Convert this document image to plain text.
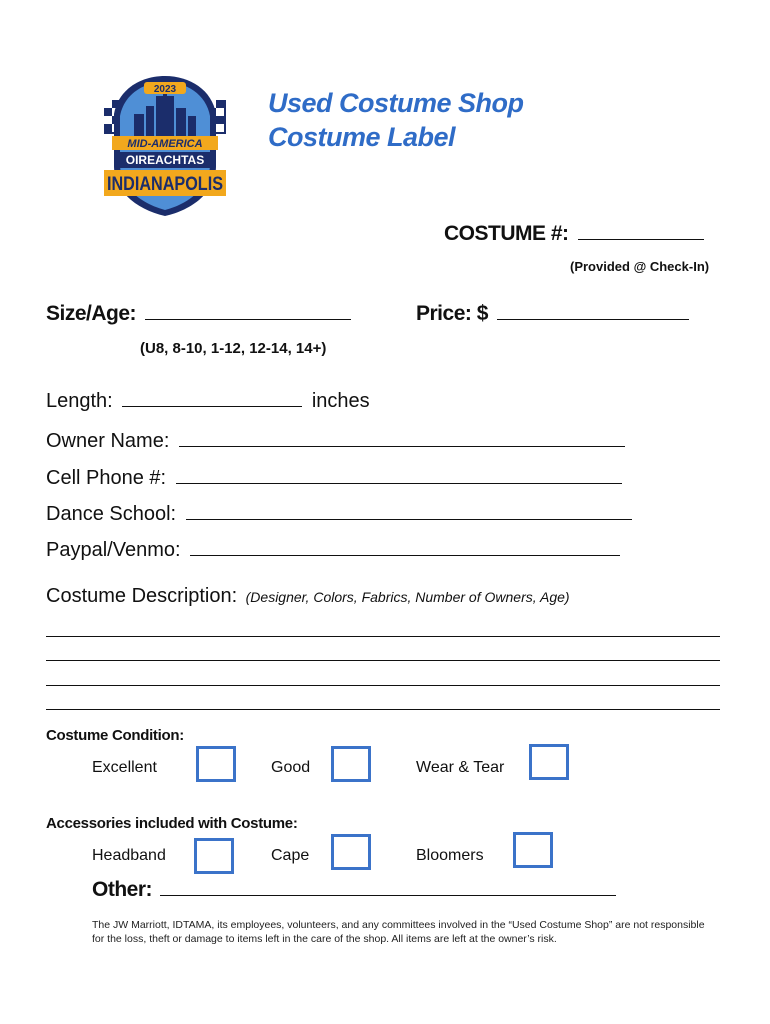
2023
MID-AMERICA
OIREACHTAS
INDIANAPOLIS
Used Costume Shop
Costume Label
COSTUME #:
(Provided @ Check-In)
Size/Age:
(U8, 8-10, 1-12, 12-14, 14+)
Price: $
Length:	inches
Owner Name:
Cell Phone #:
Dance School:
Paypal/Venmo:
Costume Description: (Designer, Colors, Fabrics, Number of Owners, Age)
Costume Condition:
Excellent	Good	Wear & Tear
Accessories included with Costume:
Headband	Cape	Bloomers
Other:
The JW Marriott, IDTAMA, its employees, volunteers, and any committees involved in the “Used Costume Shop” are not responsible for the loss, theft or damage to items left in the care of the shop. All items are left at the owner’s risk.
